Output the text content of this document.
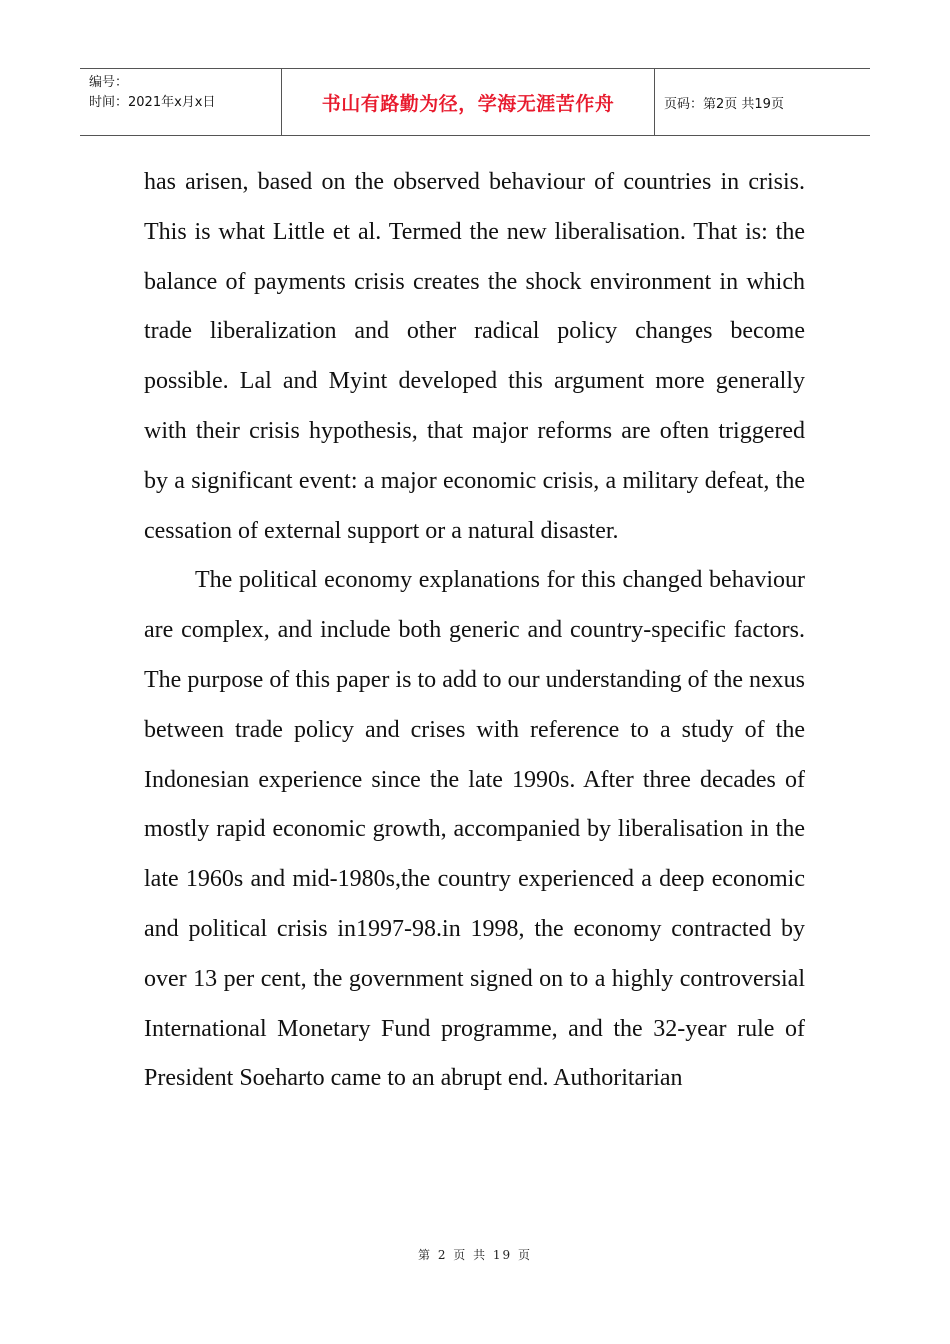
编号：
时间：2021年x月x日	书山有路勤为径，学海无涯苦作舟	页码：第2页 共19页

has arisen, based on the observed behaviour of countries in crisis. This is what Little et al. Termed the new liberalisation. That is: the balance of payments crisis creates the shock environment in which trade liberalization and other radical policy changes become possible. Lal and Myint developed this argument more generally with their crisis hypothesis, that major reforms are often triggered by a significant event: a major economic crisis, a military defeat, the cessation of external support or a natural disaster.

The political economy explanations for this changed behaviour are complex, and include both generic and country-specific factors. The purpose of this paper is to add to our understanding of the nexus between trade policy and crises with reference to a study of the Indonesian experience since the late 1990s. After three decades of mostly rapid economic growth, accompanied by liberalisation in the late 1960s and mid-1980s,the country experienced a deep economic and political crisis in1997-98.in 1998, the economy contracted by over 13 per cent, the government signed on to a highly controversial International Monetary Fund programme, and the 32-year rule of President Soeharto came to an abrupt end. Authoritarian

第 2 页 共 19 页
